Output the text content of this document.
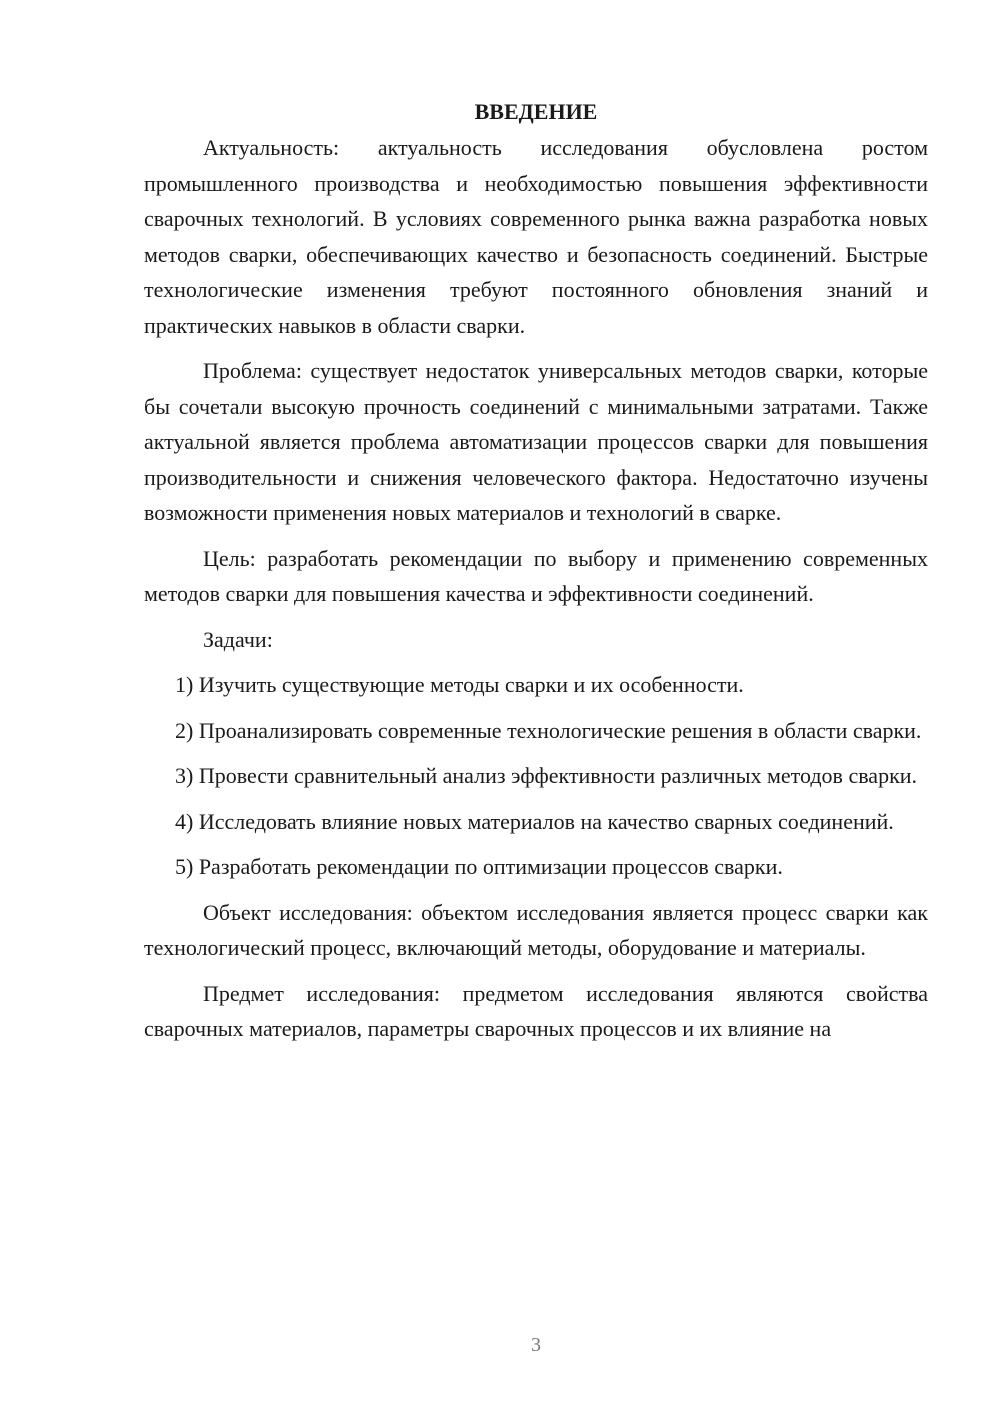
ВВЕДЕНИЕ

Актуальность: актуальность исследования обусловлена ростом промышленного производства и необходимостью повышения эффективности сварочных технологий. В условиях современного рынка важна разработка новых методов сварки, обеспечивающих качество и безопасность соединений. Быстрые технологические изменения требуют постоянного обновления знаний и практических навыков в области сварки.

Проблема: существует недостаток универсальных методов сварки, которые бы сочетали высокую прочность соединений с минимальными затратами. Также актуальной является проблема автоматизации процессов сварки для повышения производительности и снижения человеческого фактора. Недостаточно изучены возможности применения новых материалов и технологий в сварке.

Цель: разработать рекомендации по выбору и применению современных методов сварки для повышения качества и эффективности соединений.

Задачи:

1) Изучить существующие методы сварки и их особенности.

2) Проанализировать современные технологические решения в области сварки.

3) Провести сравнительный анализ эффективности различных методов сварки.

4) Исследовать влияние новых материалов на качество сварных соединений.

5) Разработать рекомендации по оптимизации процессов сварки.

Объект исследования: объектом исследования является процесс сварки как технологический процесс, включающий методы, оборудование и материалы.

Предмет исследования: предметом исследования являются свойства сварочных материалов, параметры сварочных процессов и их влияние на

3
